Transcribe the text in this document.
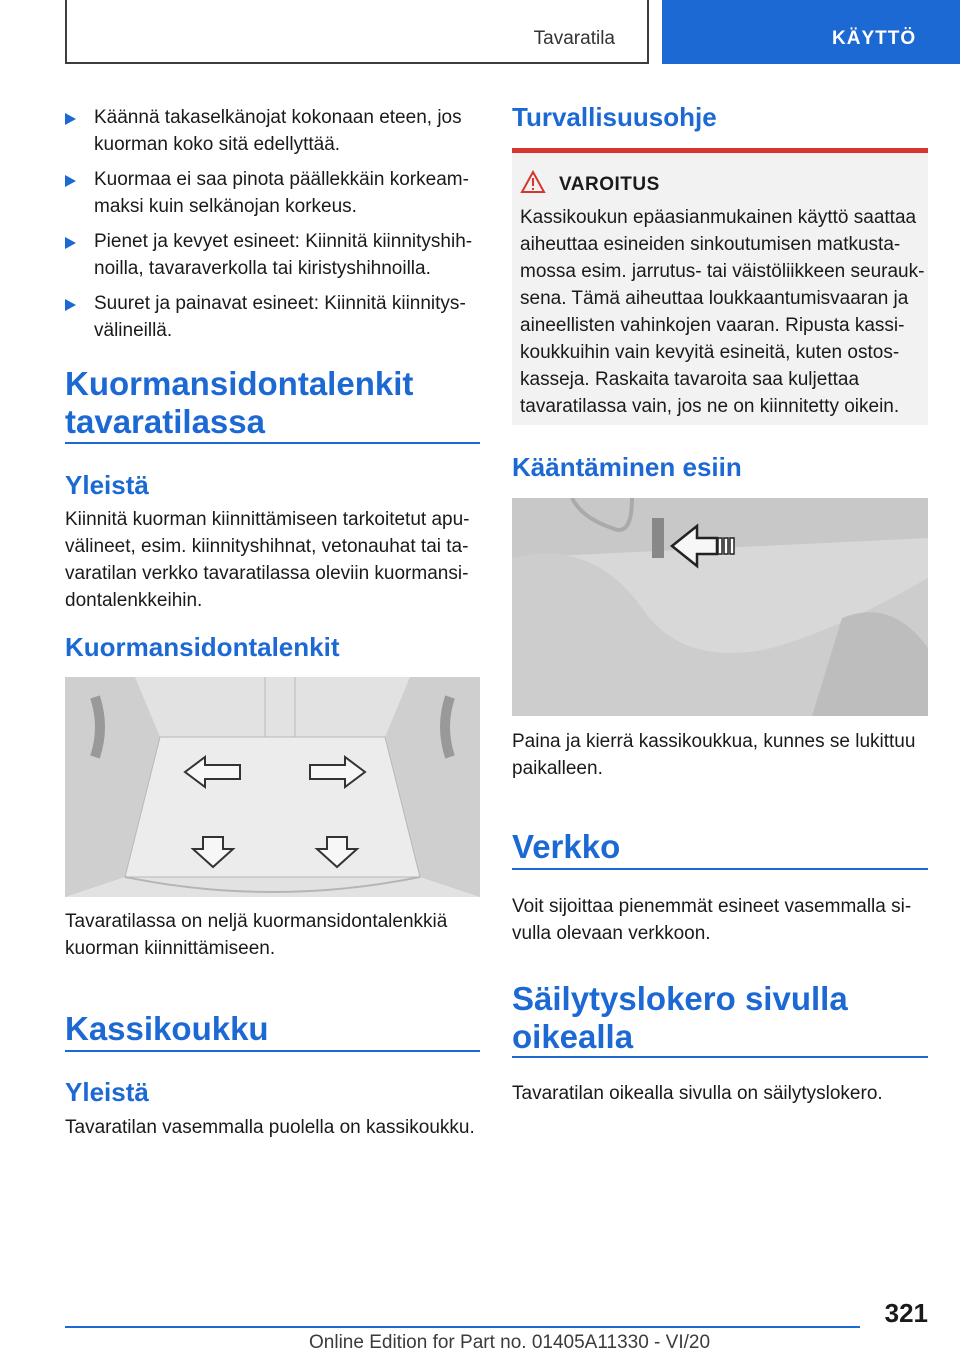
Tavaratila	KÄYTTÖ
Käännä takaselkänojat kokonaan eteen, jos kuorman koko sitä edellyttää.
Kuormaa ei saa pinota päällekkäin korkeammaksi kuin selkänojan korkeus.
Pienet ja kevyet esineet: Kiinnitä kiinnityshihnoilla, tavaraverkolla tai kiristyshihnoilla.
Suuret ja painavat esineet: Kiinnitä kiinnitysvälineillä.
Kuormansidontalenkit
tavaratilassa
Yleistä
Kiinnitä kuorman kiinnittämiseen tarkoitetut apuvälineet, esim. kiinnityshihnat, vetonauhat tai tavaratilan verkko tavaratilassa oleviin kuormansidontalenkkeihin.
Kuormansidontalenkit
Tavaratilassa on neljä kuormansidontalenkkiä kuorman kiinnittämiseen.
Kassikoukku
Yleistä
Tavaratilan vasemmalla puolella on kassikoukku.
Turvallisuusohje
VAROITUS
Kassikoukun epäasianmukainen käyttö saattaa aiheuttaa esineiden sinkoutumisen matkustamossa esim. jarrutus- tai väistöliikkeen seurauksena. Tämä aiheuttaa loukkaantumisvaaran ja aineellisten vahinkojen vaaran. Ripusta kassikoukkuihin vain kevyitä esineitä, kuten ostoskasseja. Raskaita tavaroita saa kuljettaa tavaratilassa vain, jos ne on kiinnitetty oikein.
Kääntäminen esiin
Paina ja kierrä kassikoukkua, kunnes se lukittuu paikalleen.
Verkko
Voit sijoittaa pienemmät esineet vasemmalla sivulla olevaan verkkoon.
Säilytyslokero sivulla
oikealla
Tavaratilan oikealla sivulla on säilytyslokero.
321
Online Edition for Part no. 01405A11330 - VI/20
